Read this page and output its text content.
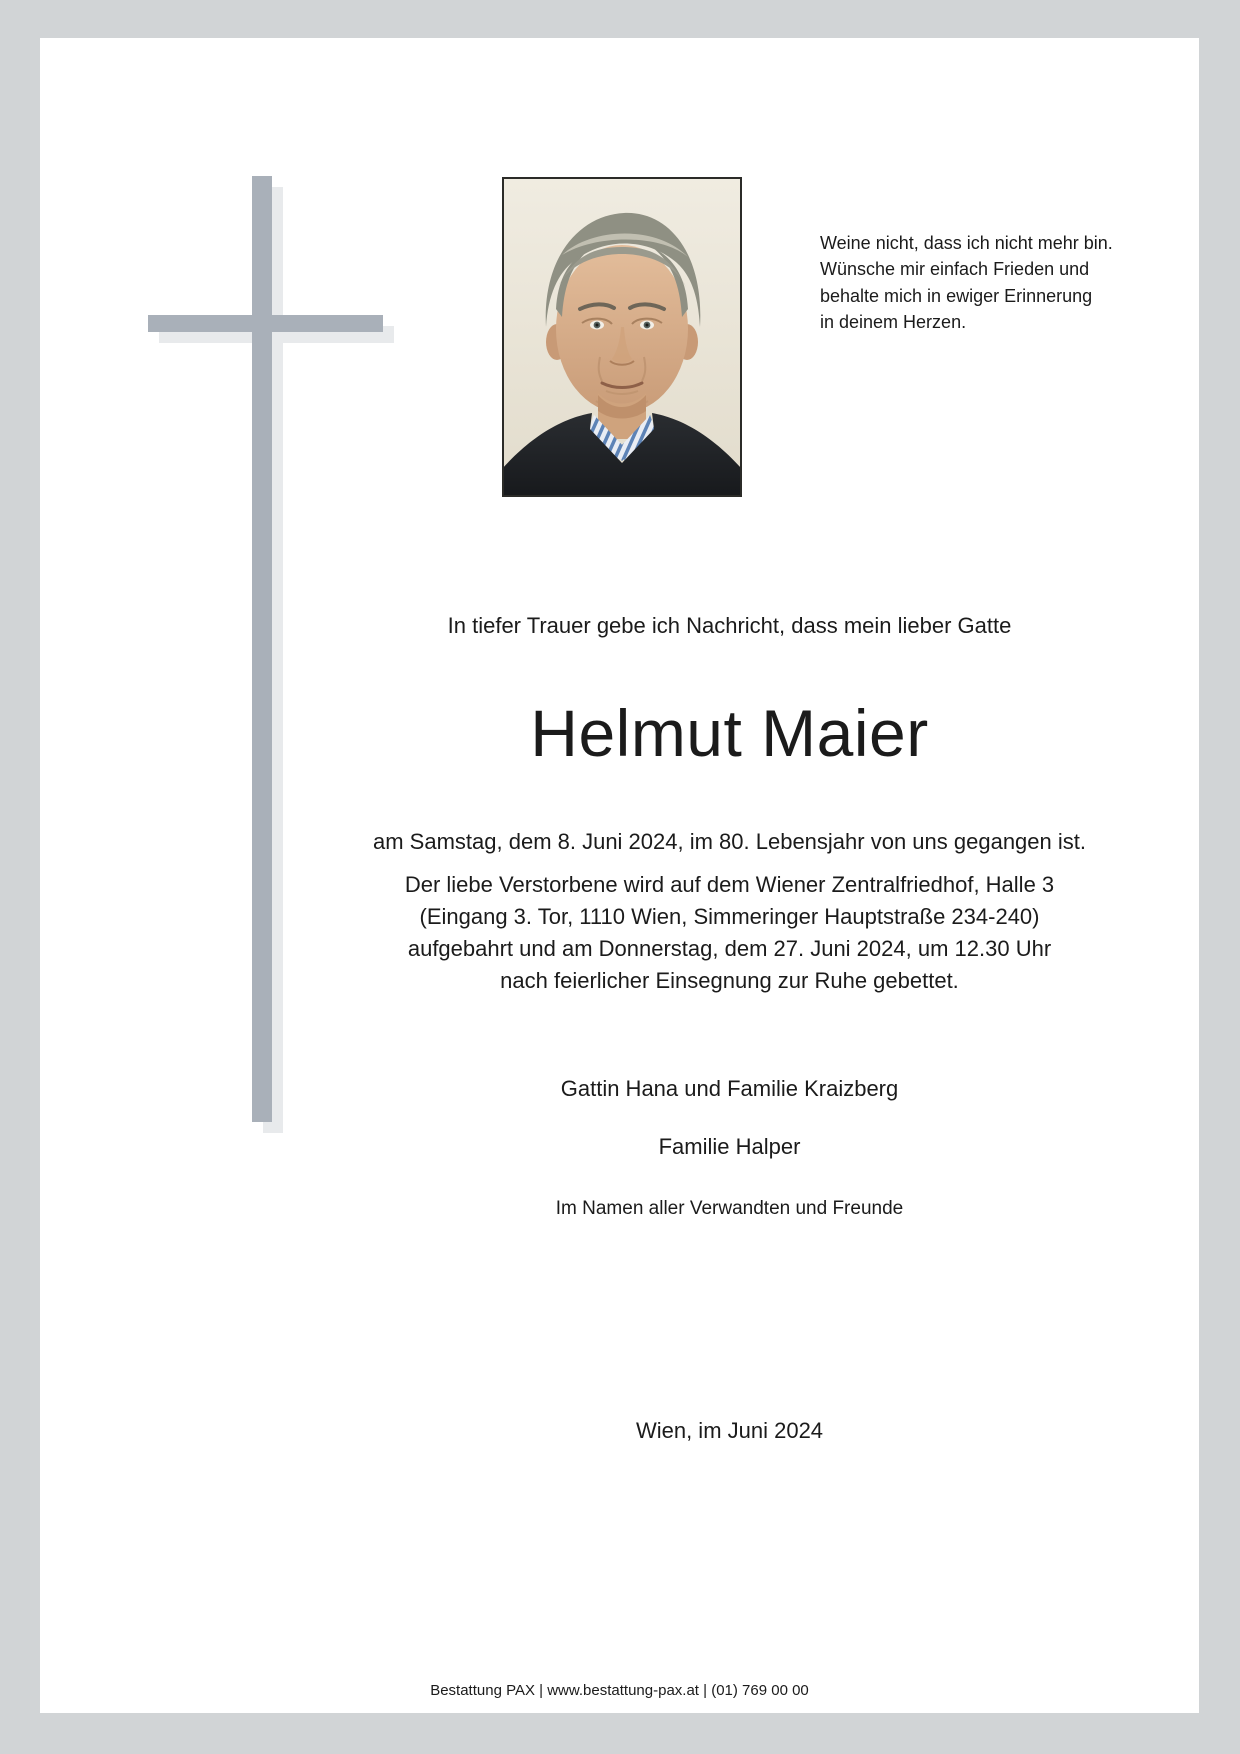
Weine nicht, dass ich nicht mehr bin.
Wünsche mir einfach Frieden und
behalte mich in ewiger Erinnerung
in deinem Herzen.
In tiefer Trauer gebe ich Nachricht, dass mein lieber Gatte
Helmut Maier
am Samstag, dem 8. Juni 2024, im 80. Lebensjahr von uns gegangen ist.
Der liebe Verstorbene wird auf dem Wiener Zentralfriedhof, Halle 3
(Eingang 3. Tor, 1110 Wien, Simmeringer Hauptstraße 234-240)
aufgebahrt und am Donnerstag, dem 27. Juni 2024, um 12.30 Uhr
nach feierlicher Einsegnung zur Ruhe gebettet.
Gattin Hana und Familie Kraizberg
Familie Halper
Im Namen aller Verwandten und Freunde
Wien, im Juni 2024
Bestattung PAX | www.bestattung-pax.at | (01) 769 00 00
